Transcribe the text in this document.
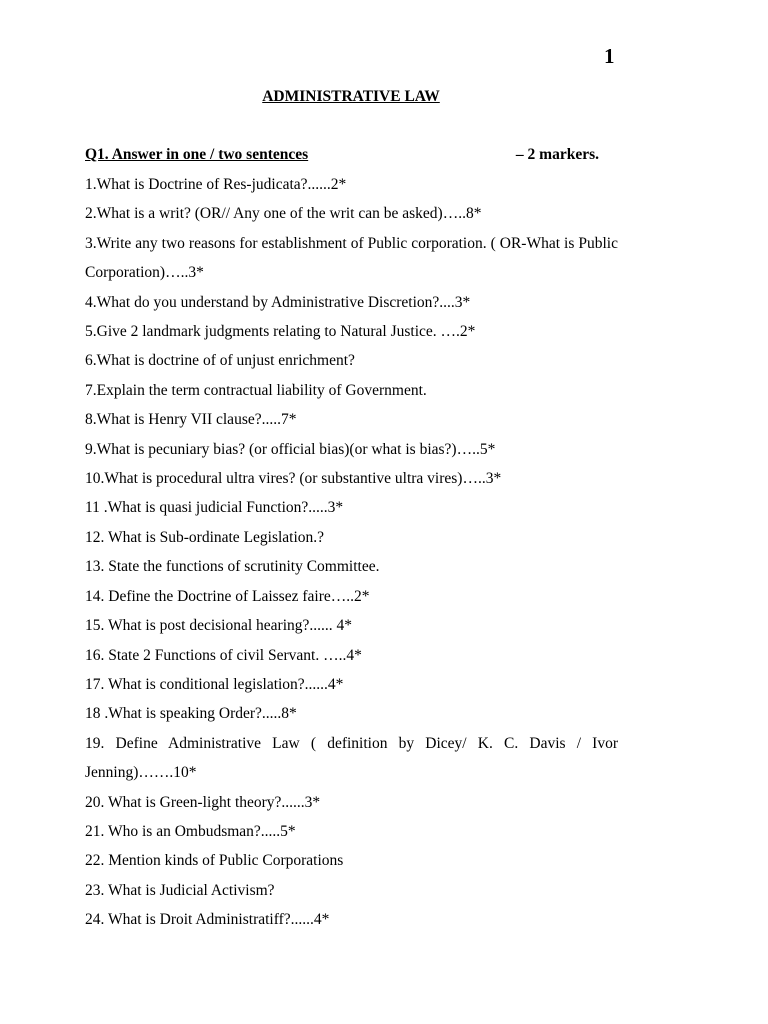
1
ADMINISTRATIVE LAW
Q1. Answer in one / two sentences	– 2 markers.
1.What is Doctrine of Res-judicata?......2*
2.What is a writ? (OR// Any one of the writ can be asked)…..8*
3.Write any two reasons for establishment of Public corporation. ( OR-What is Public Corporation)…..3*
4.What do you understand by Administrative Discretion?....3*
5.Give 2 landmark judgments relating to Natural Justice. ….2*
6.What is doctrine of of unjust enrichment?
7.Explain the term contractual liability of Government.
8.What is Henry VII clause?.....7*
9.What is pecuniary bias? (or official bias)(or what is bias?)…..5*
10.What is procedural ultra vires? (or substantive ultra vires)…..3*
11 .What is quasi judicial Function?.....3*
12. What is Sub-ordinate Legislation.?
13. State the functions of scrutinity Committee.
14. Define the Doctrine of Laissez faire…..2*
15. What is post decisional hearing?...... 4*
16. State 2 Functions of civil Servant. …..4*
17. What is conditional legislation?......4*
18 .What is speaking Order?.....8*
19. Define Administrative Law ( definition by Dicey/ K. C. Davis / Ivor Jenning)…….10*
20. What is Green-light theory?......3*
21. Who is an Ombudsman?.....5*
22. Mention kinds of Public Corporations
23. What is Judicial Activism?
24. What is Droit Administratiff?......4*
